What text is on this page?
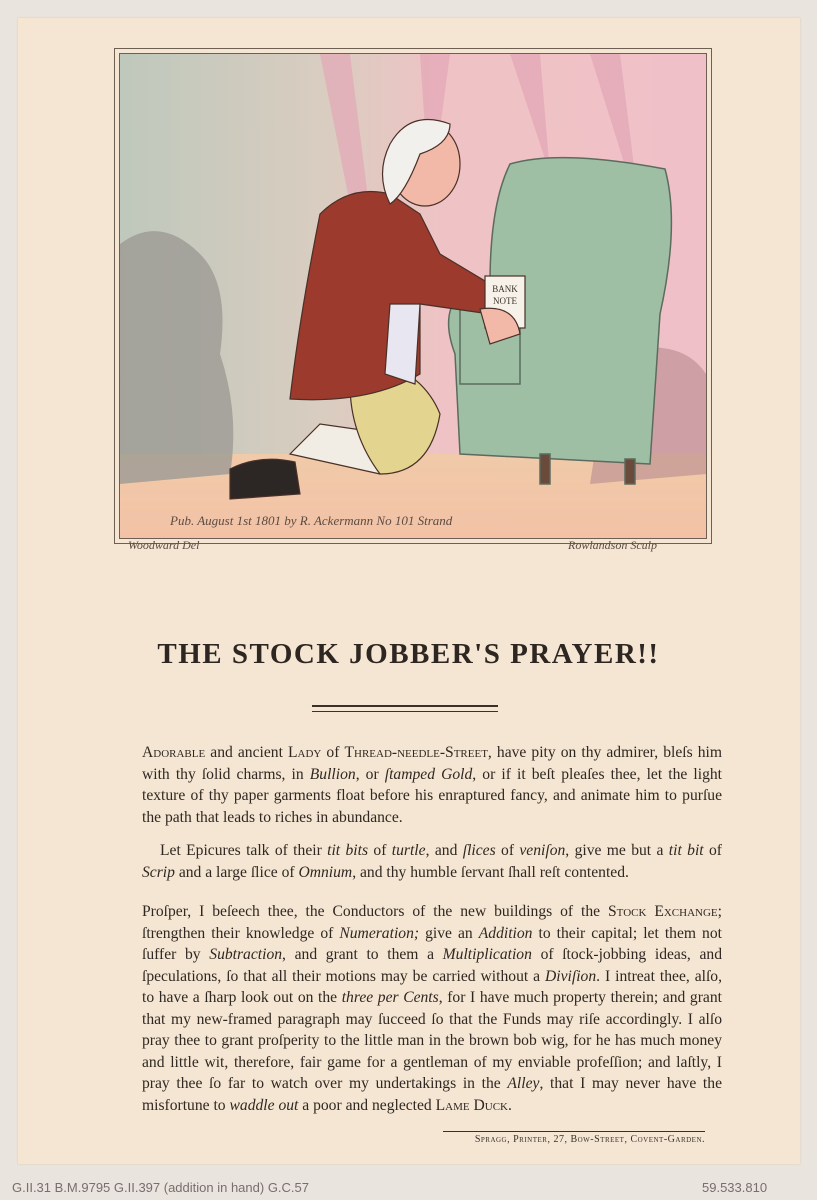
BANK
NOTE
Pub. August 1st 1801 by R. Ackermann No 101 Strand
Woodward Del	Rowlandson Sculp
THE STOCK JOBBER'S PRAYER!!
Adorable and ancient Lady of Thread-needle-Street, have pity on thy admirer, bleſs him with thy ſolid charms, in Bullion, or ſtamped Gold, or if it beſt pleaſes thee, let the light texture of thy paper garments float before his enraptured fancy, and animate him to purſue the path that leads to riches in abundance.
Let Epicures talk of their tit bits of turtle, and ſlices of veniſon, give me but a tit bit of Scrip and a large ſlice of Omnium, and thy humble ſervant ſhall reſt contented.
Proſper, I beſeech thee, the Conductors of the new buildings of the Stock Exchange; ſtrengthen their knowledge of Numeration; give an Addition to their capital; let them not ſuffer by Subtraction, and grant to them a Multiplication of ſtock-jobbing ideas, and ſpeculations, ſo that all their motions may be carried without a Diviſion. I intreat thee, alſo, to have a ſharp look out on the three per Cents, for I have much property therein; and grant that my new-framed paragraph may ſucceed ſo that the Funds may riſe accordingly. I alſo pray thee to grant proſperity to the little man in the brown bob wig, for he has much money and little wit, therefore, fair game for a gentleman of my enviable profeſſion; and laſtly, I pray thee ſo far to watch over my undertakings in the Alley, that I may never have the misfortune to waddle out a poor and neglected Lame Duck.
Spragg, Printer, 27, Bow-Street, Covent-Garden.
G.II.31 B.M.9795 G.II.397 (addition in hand) G.C.57	59.533.810
